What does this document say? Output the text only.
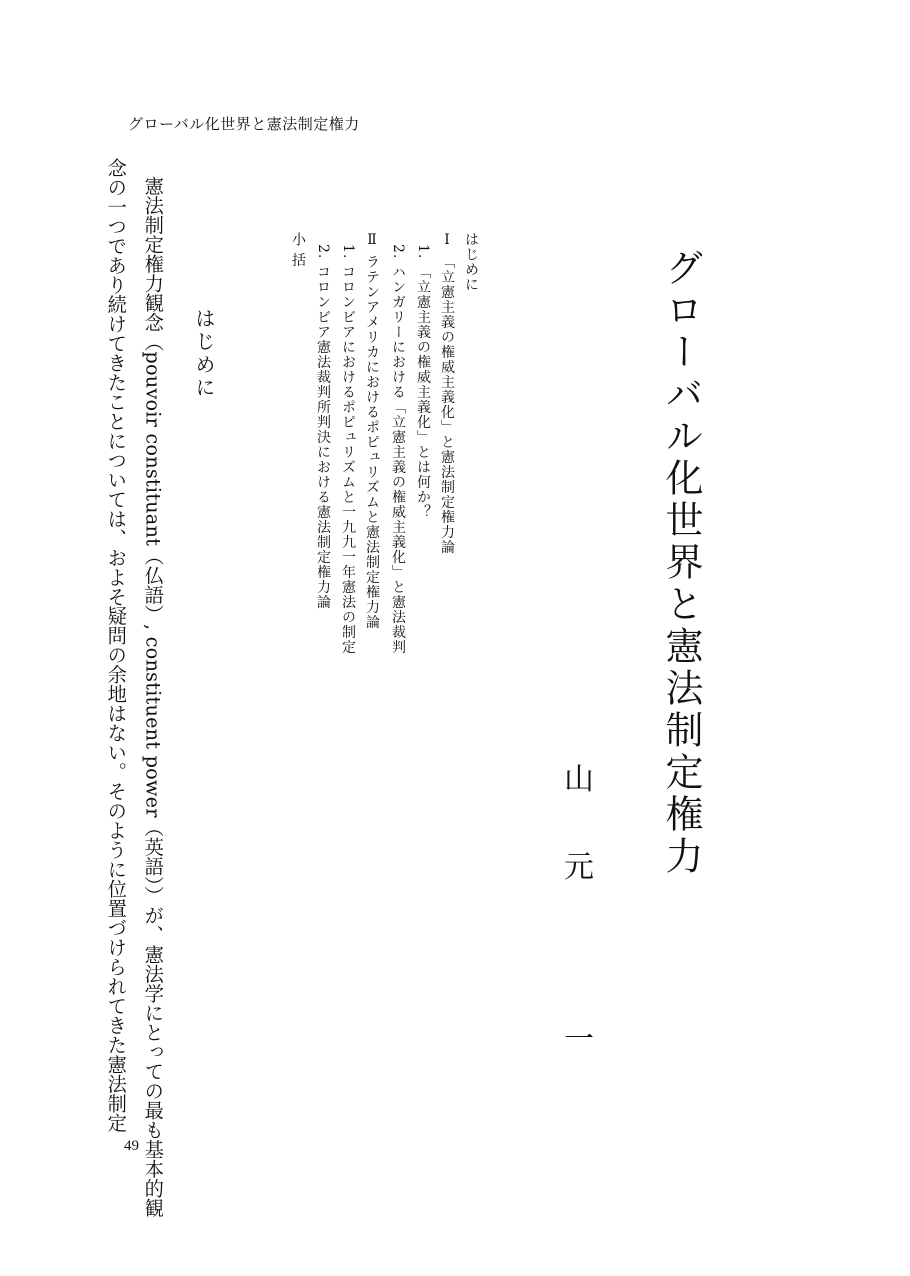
グローバル化世界と憲法制定権力
グローバル化世界と憲法制定権力
山
元
一
はじめに
Ⅰ 「立憲主義の権威主義化」と憲法制定権力論
1. 「立憲主義の権威主義化」とは何か？
2. ハンガリーにおける「立憲主義の権威主義化」と憲法裁判
Ⅱ ラテンアメリカにおけるポピュリズムと憲法制定権力論
1. コロンビアにおけるポピュリズムと一九九一年憲法の制定
2. コロンビア憲法裁判所判決における憲法制定権力論
小 括
はじめに
憲法制定権力観念（pouvoir constituant（仏語）, constituent power（英語））が、憲法学にとっての最も基本的観
念の一つであり続けてきたことについては、およそ疑問の余地はない。そのように位置づけられてきた憲法制定
49
